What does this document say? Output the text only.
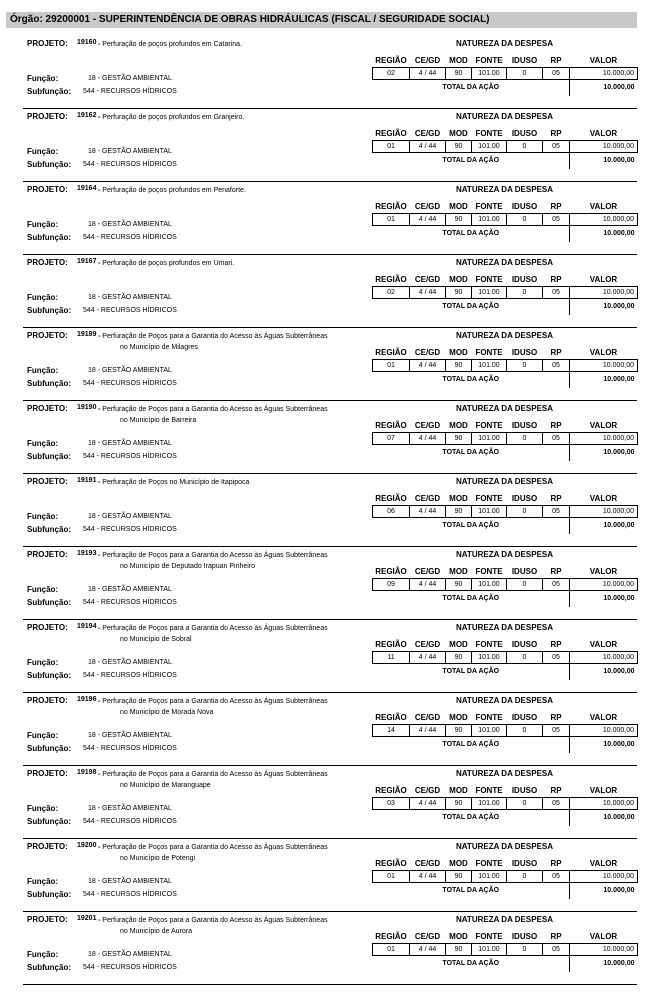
Órgão: 29200001 - SUPERINTENDÊNCIA DE OBRAS HIDRÁULICAS (FISCAL / SEGURIDADE SOCIAL)
PROJETO: 19160 - Perfuração de poços profundos em Catarina.

Função:	18 - GESTÃO AMBIENTAL
Subfunção: 544 - RECURSOS HÍDRICOS
NATUREZA DA DESPESA
REGIÃO	CE/GD	MOD	FONTE	IDUSO	RP	VALOR
02	4 / 44	90	101.00	0	05	10.000,00
TOTAL DA AÇÃO						10.000,00
PROJETO: 19162 - Perfuração de poços profundos em Granjeiro.

Função:	18 - GESTÃO AMBIENTAL
Subfunção: 544 - RECURSOS HÍDRICOS
NATUREZA DA DESPESA
REGIÃO	CE/GD	MOD	FONTE	IDUSO	RP	VALOR
01	4 / 44	90	101.00	0	05	10.000,00
TOTAL DA AÇÃO						10.000,00
PROJETO: 19164 - Perfuração de poços profundos em Penaforte.

Função:	18 - GESTÃO AMBIENTAL
Subfunção: 544 - RECURSOS HÍDRICOS
NATUREZA DA DESPESA
REGIÃO	CE/GD	MOD	FONTE	IDUSO	RP	VALOR
01	4 / 44	90	101.00	0	05	10.000,00
TOTAL DA AÇÃO						10.000,00
PROJETO: 19167 - Perfuração de poços profundos em Umari.

Função:	18 - GESTÃO AMBIENTAL
Subfunção: 544 - RECURSOS HÍDRICOS
NATUREZA DA DESPESA
REGIÃO	CE/GD	MOD	FONTE	IDUSO	RP	VALOR
02	4 / 44	90	101.00	0	05	10.000,00
TOTAL DA AÇÃO						10.000,00
PROJETO: 19189 - Perfuração de Poços para a Garantia do Acesso às Águas Subterrâneas
no Município de Milagres
Função:	18 - GESTÃO AMBIENTAL
Subfunção: 544 - RECURSOS HÍDRICOS
NATUREZA DA DESPESA
REGIÃO	CE/GD	MOD	FONTE	IDUSO	RP	VALOR
01	4 / 44	90	101.00	0	05	10.000,00
TOTAL DA AÇÃO						10.000,00
PROJETO: 19190 - Perfuração de Poços para a Garantia do Acesso às Águas Subterrâneas
no Município de Barreira
Função:	18 - GESTÃO AMBIENTAL
Subfunção: 544 - RECURSOS HÍDRICOS
NATUREZA DA DESPESA
REGIÃO	CE/GD	MOD	FONTE	IDUSO	RP	VALOR
07	4 / 44	90	101.00	0	05	10.000,00
TOTAL DA AÇÃO						10.000,00
PROJETO: 19191 - Perfuração de Poços no Município de Itapipoca

Função:	18 - GESTÃO AMBIENTAL
Subfunção: 544 - RECURSOS HÍDRICOS
NATUREZA DA DESPESA
REGIÃO	CE/GD	MOD	FONTE	IDUSO	RP	VALOR
06	4 / 44	90	101.00	0	05	10.000,00
TOTAL DA AÇÃO						10.000,00
PROJETO: 19193 - Perfuração de Poços para a Garantia do Acesso às Águas Subterrâneas
no Município de Deputado Irapuan Pinheiro
Função:	18 - GESTÃO AMBIENTAL
Subfunção: 544 - RECURSOS HÍDRICOS
NATUREZA DA DESPESA
REGIÃO	CE/GD	MOD	FONTE	IDUSO	RP	VALOR
09	4 / 44	90	101.00	0	05	10.000,00
TOTAL DA AÇÃO						10.000,00
PROJETO: 19194 - Perfuração de Poços para a Garantia do Acesso às Águas Subterrâneas
no Município de Sobral
Função:	18 - GESTÃO AMBIENTAL
Subfunção: 544 - RECURSOS HÍDRICOS
NATUREZA DA DESPESA
REGIÃO	CE/GD	MOD	FONTE	IDUSO	RP	VALOR
11	4 / 44	90	101.00	0	05	10.000,00
TOTAL DA AÇÃO						10.000,00
PROJETO: 19196 - Perfuração de Poços para a Garantia do Acesso às Águas Subterrâneas
no Município de Morada Nova
Função:	18 - GESTÃO AMBIENTAL
Subfunção: 544 - RECURSOS HÍDRICOS
NATUREZA DA DESPESA
REGIÃO	CE/GD	MOD	FONTE	IDUSO	RP	VALOR
14	4 / 44	90	101.00	0	05	10.000,00
TOTAL DA AÇÃO						10.000,00
PROJETO: 19198 - Perfuração de Poços para a Garantia do Acesso às Águas Subterrâneas
no Município de Maranguape
Função:	18 - GESTÃO AMBIENTAL
Subfunção: 544 - RECURSOS HÍDRICOS
NATUREZA DA DESPESA
REGIÃO	CE/GD	MOD	FONTE	IDUSO	RP	VALOR
03	4 / 44	90	101.00	0	05	10.000,00
TOTAL DA AÇÃO						10.000,00
PROJETO: 19200 - Perfuração de Poços para a Garantia do Acesso às Águas Subterrâneas
no Município de Potengi
Função:	18 - GESTÃO AMBIENTAL
Subfunção: 544 - RECURSOS HÍDRICOS
NATUREZA DA DESPESA
REGIÃO	CE/GD	MOD	FONTE	IDUSO	RP	VALOR
01	4 / 44	90	101.00	0	05	10.000,00
TOTAL DA AÇÃO						10.000,00
PROJETO: 19201 - Perfuração de Poços para a Garantia do Acesso às Águas Subterrâneas
no Município de Aurora
Função:	18 - GESTÃO AMBIENTAL
Subfunção: 544 - RECURSOS HÍDRICOS
NATUREZA DA DESPESA
REGIÃO	CE/GD	MOD	FONTE	IDUSO	RP	VALOR
01	4 / 44	90	101.00	0	05	10.000,00
TOTAL DA AÇÃO						10.000,00
